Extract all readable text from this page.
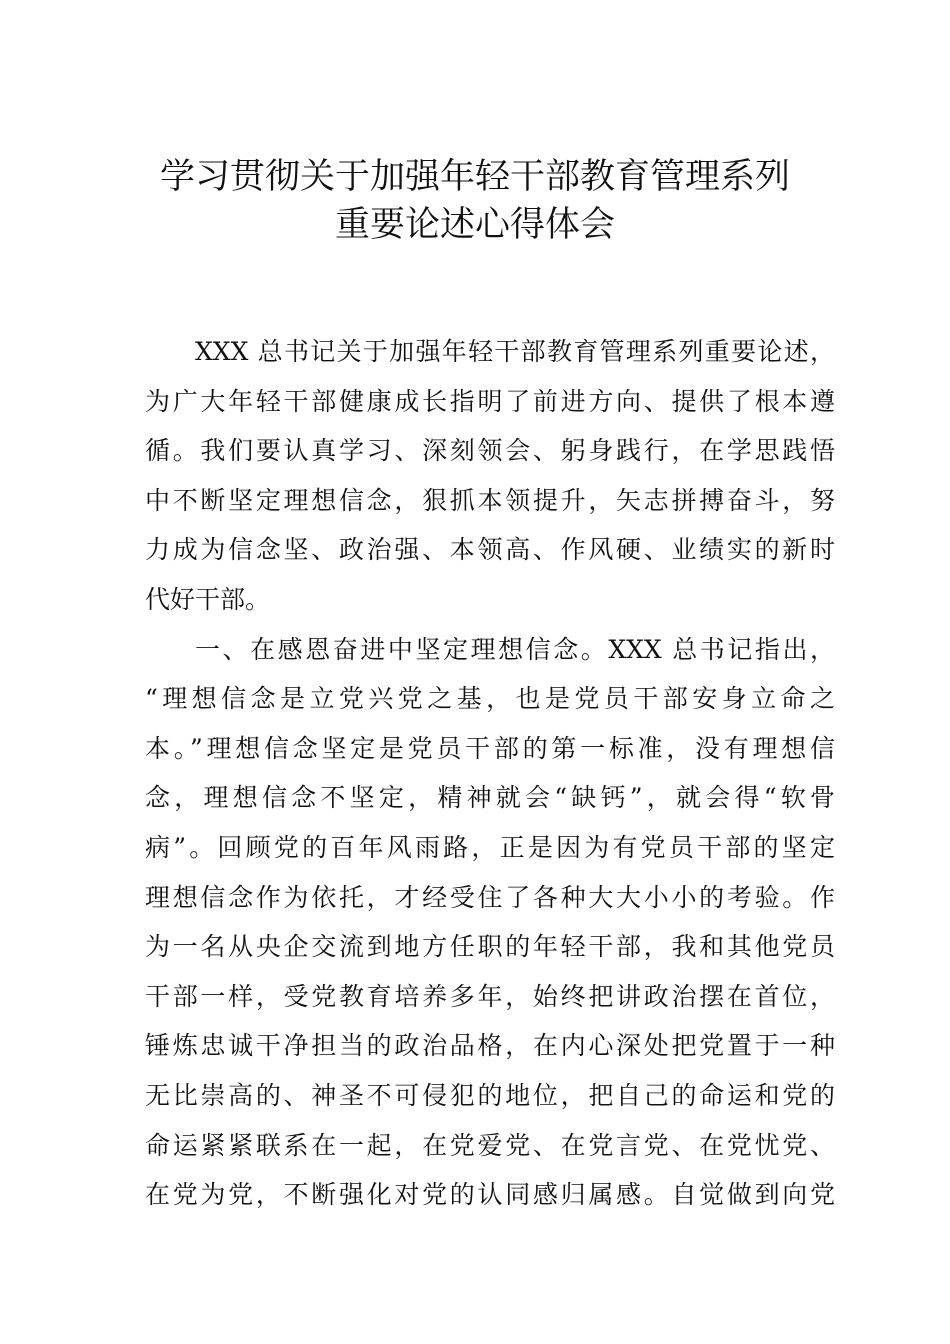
学习贯彻关于加强年轻干部教育管理系列
重要论述心得体会

XXX 总书记关于加强年轻干部教育管理系列重要论述，
为广大年轻干部健康成长指明了前进方向、提供了根本遵
循。我们要认真学习、深刻领会、躬身践行，在学思践悟
中不断坚定理想信念，狠抓本领提升，矢志拼搏奋斗，努
力成为信念坚、政治强、本领高、作风硬、业绩实的新时
代好干部。

一、在感恩奋进中坚定理想信念。XXX 总书记指出，
“理想信念是立党兴党之基，也是党员干部安身立命之
本。”理想信念坚定是党员干部的第一标准，没有理想信
念，理想信念不坚定，精神就会“缺钙”，就会得“软骨
病”。回顾党的百年风雨路，正是因为有党员干部的坚定
理想信念作为依托，才经受住了各种大大小小的考验。作
为一名从央企交流到地方任职的年轻干部，我和其他党员
干部一样，受党教育培养多年，始终把讲政治摆在首位，
锤炼忠诚干净担当的政治品格，在内心深处把党置于一种
无比崇高的、神圣不可侵犯的地位，把自己的命运和党的
命运紧紧联系在一起，在党爱党、在党言党、在党忧党、
在党为党，不断强化对党的认同感归属感。自觉做到向党
